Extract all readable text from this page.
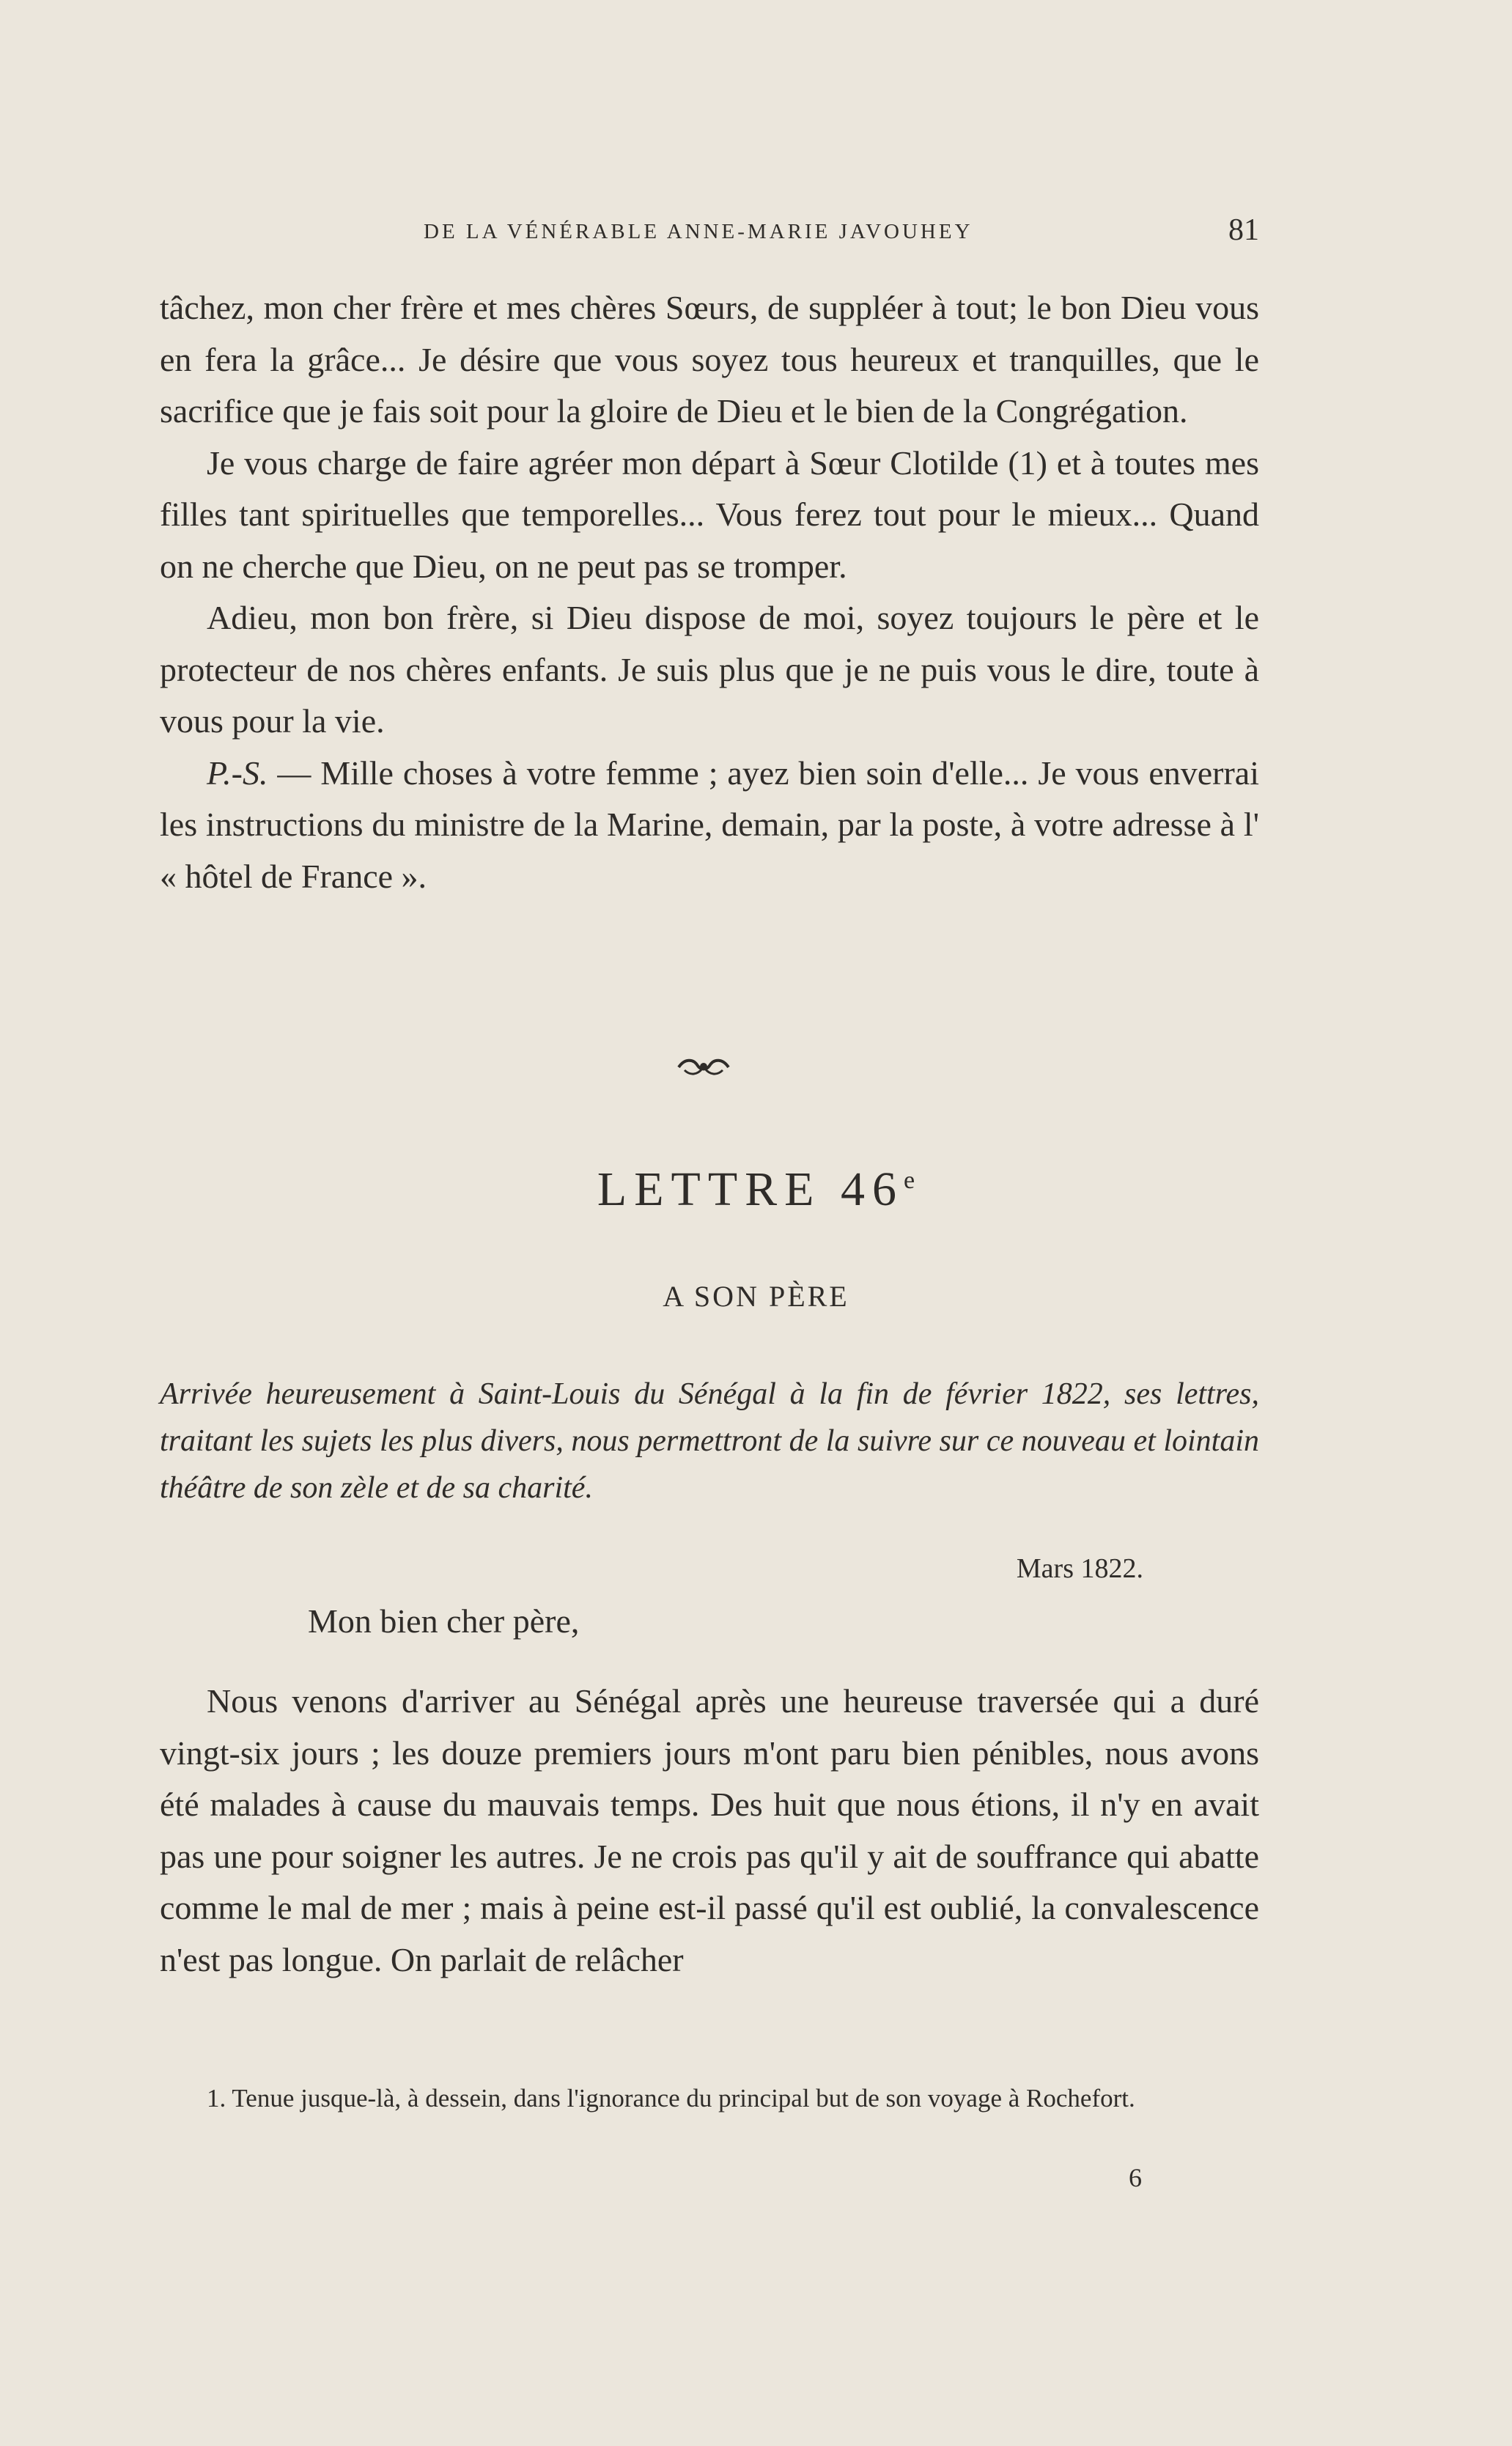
DE LA VÉNÉRABLE ANNE-MARIE JAVOUHEY	81

tâchez, mon cher frère et mes chères Sœurs, de suppléer à tout; le bon Dieu vous en fera la grâce... Je désire que vous soyez tous heureux et tranquilles, que le sacrifice que je fais soit pour la gloire de Dieu et le bien de la Congrégation.

Je vous charge de faire agréer mon départ à Sœur Clotilde (1) et à toutes mes filles tant spirituelles que temporelles... Vous ferez tout pour le mieux... Quand on ne cherche que Dieu, on ne peut pas se tromper.

Adieu, mon bon frère, si Dieu dispose de moi, soyez toujours le père et le protecteur de nos chères enfants. Je suis plus que je ne puis vous le dire, toute à vous pour la vie.

P.-S. — Mille choses à votre femme ; ayez bien soin d'elle... Je vous enverrai les instructions du ministre de la Marine, demain, par la poste, à votre adresse à l' « hôtel de France ».

LETTRE 46e
A SON PÈRE
Arrivée heureusement à Saint-Louis du Sénégal à la fin de février 1822, ses lettres, traitant les sujets les plus divers, nous permettront de la suivre sur ce nouveau et lointain théâtre de son zèle et de sa charité.
Mars 1822.
Mon bien cher père,

Nous venons d'arriver au Sénégal après une heureuse traversée qui a duré vingt-six jours ; les douze premiers jours m'ont paru bien pénibles, nous avons été malades à cause du mauvais temps. Des huit que nous étions, il n'y en avait pas une pour soigner les autres. Je ne crois pas qu'il y ait de souffrance qui abatte comme le mal de mer ; mais à peine est-il passé qu'il est oublié, la convalescence n'est pas longue. On parlait de relâcher

1. Tenue jusque-là, à dessein, dans l'ignorance du principal but de son voyage à Rochefort.
6
